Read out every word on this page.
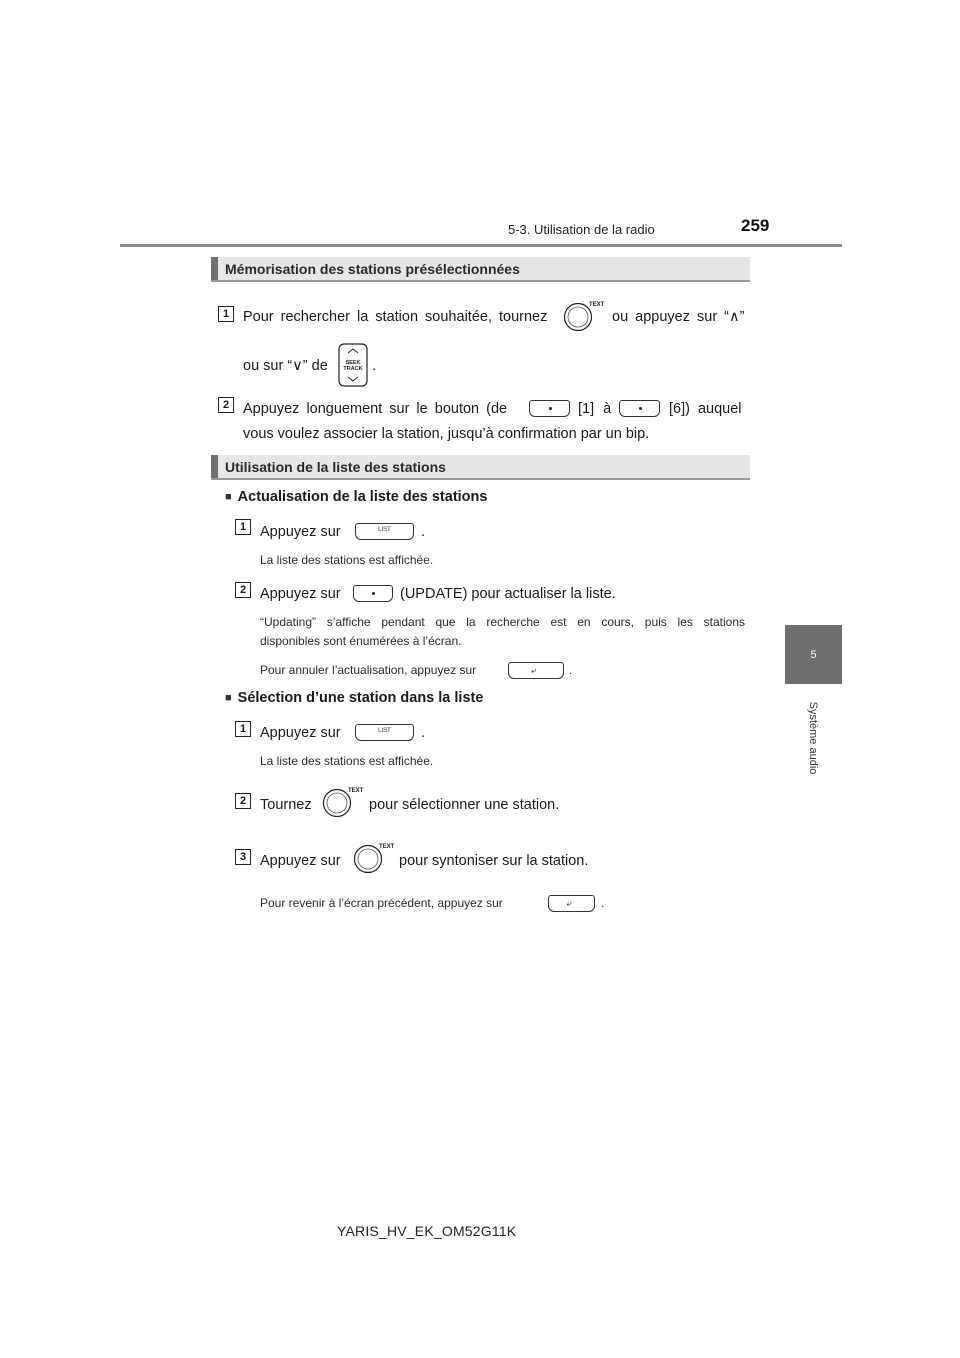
5-3. Utilisation de la radio	259
5
Système audio
Mémorisation des stations présélectionnées
1 Pour rechercher la station souhaitée, tournez
TEXT
ou appuyez sur “∧”
ou sur “∨” de	SEEK
TRACK .
2 Appuyez longuement sur le bouton (de	[1] à	[6]) auquel
vous voulez associer la station, jusqu’à confirmation par un bip.
Utilisation de la liste des stations
■ Actualisation de la liste des stations
1 Appuyez sur	LIST	.
La liste des stations est affichée.
2 Appuyez sur	(UPDATE) pour actualiser la liste.
“Updating” s’affiche pendant que la recherche est en cours, puis les stations
disponibles sont énumérées à l’écran.
Pour annuler l’actualisation, appuyez sur	⤶	.
■ Sélection d’une station dans la liste
1 Appuyez sur	LIST	.
La liste des stations est affichée.
2 Tournez
TEXT
pour sélectionner une station.
3 Appuyez sur
TEXT
pour syntoniser sur la station.
Pour revenir à l’écran précédent, appuyez sur	⤶ .
YARIS_HV_EK_OM52G11K
